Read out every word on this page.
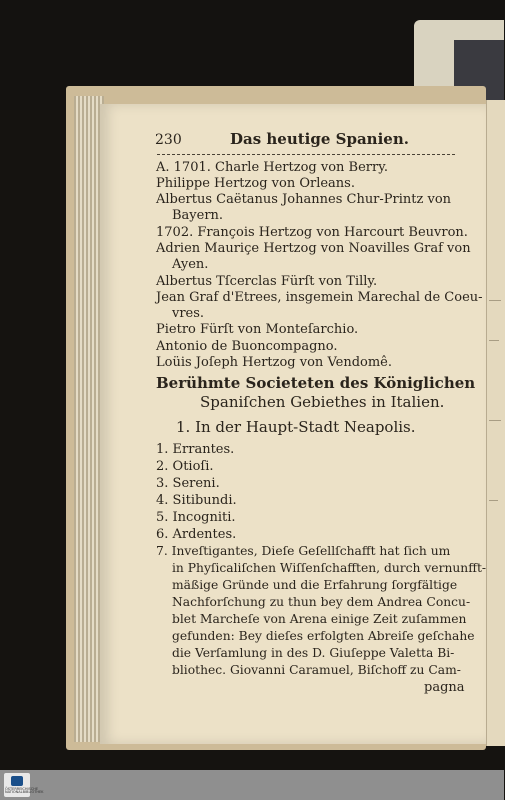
230	Das heutige Spanien.
A. 1701. Charle Hertzog von Berry.
Philippe Hertzog von Orleans.
Albertus Caëtanus Johannes Chur-Printz von
Bayern.
1702. François Hertzog von Harcourt Beuvron.
Adrien Mauriçe Hertzog von Noavilles Graf von
Ayen.
Albertus Tſcerclas Fürſt von Tilly.
Jean Graf d'Etrees, insgemein Marechal de Coeu-
vres.
Pietro Fürſt von Monteſarchio.
Antonio de Buoncompagno.
Loüis Joſeph Hertzog von Vendomê.
Berühmte Societeten des Königlichen
Spaniſchen Gebiethes in Italien.
1. In der Haupt-Stadt Neapolis.
1. Errantes.
2. Otioſi.
3. Sereni.
4. Sitibundi.
5. Incogniti.
6. Ardentes.
7. Inveſtigantes, Dieſe Geſellſchafft hat ſich um
in Phyſicaliſchen Wiſſenſchafften, durch vernunfft-
mäßige Gründe und die Erfahrung ſorgfältige
Nachforſchung zu thun bey dem Andrea Concu-
blet Marcheſe von Arena einige Zeit zuſammen
gefunden: Bey dieſes erfolgten Abreiſe geſchahe
die Verſamlung in des D. Giuſeppe Valetta Bi-
bliothec. Giovanni Caramuel, Biſchoff zu Cam-
pagna
ÖSTERREICHISCHE NATIONALBIBLIOTHEK
